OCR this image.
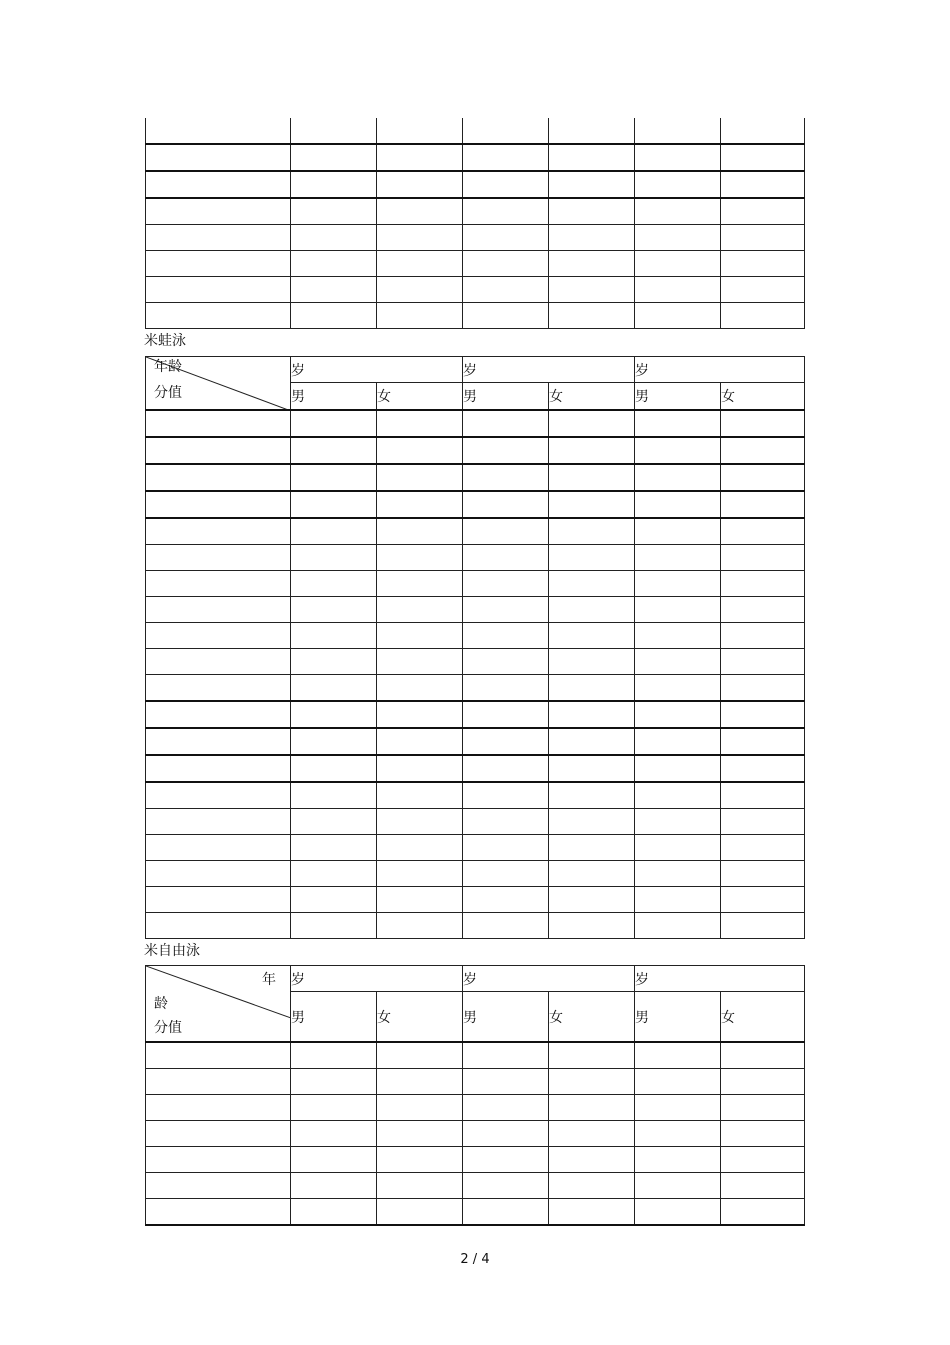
米蛙泳
年龄
分值	岁		岁		岁	
	男	女	男	女	男	女

米自由泳
年
龄
分值	岁		岁		岁	
	男	女	男	女	男	女

2 / 4
